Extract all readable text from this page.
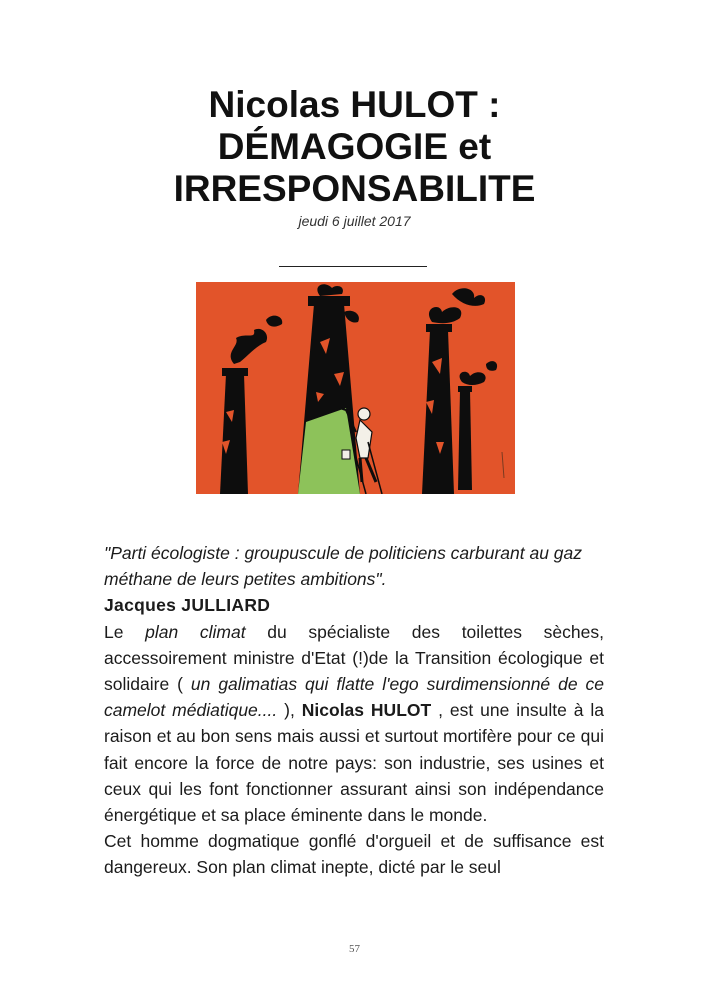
Nicolas HULOT :
DÉMAGOGIE et
IRRESPONSABILITE
jeudi 6 juillet 2017

"Parti écologiste : groupuscule de politiciens carburant au gaz méthane de leurs petites ambitions".

Jacques JULLIARD

Le plan climat du spécialiste des toilettes sèches, accessoirement ministre d'Etat (!)de la Transition écologique et solidaire ( un galimatias qui flatte l'ego surdimensionné de ce camelot médiatique.... ), Nicolas HULOT , est une insulte à la raison et au bon sens mais aussi et surtout mortifère pour ce qui fait encore la force de notre pays: son industrie, ses usines et ceux qui les font fonctionner assurant ainsi son indépendance énergétique et sa place éminente dans le monde.

Cet homme dogmatique gonflé d'orgueil et de suffisance est dangereux. Son plan climat inepte, dicté par le seul

57
